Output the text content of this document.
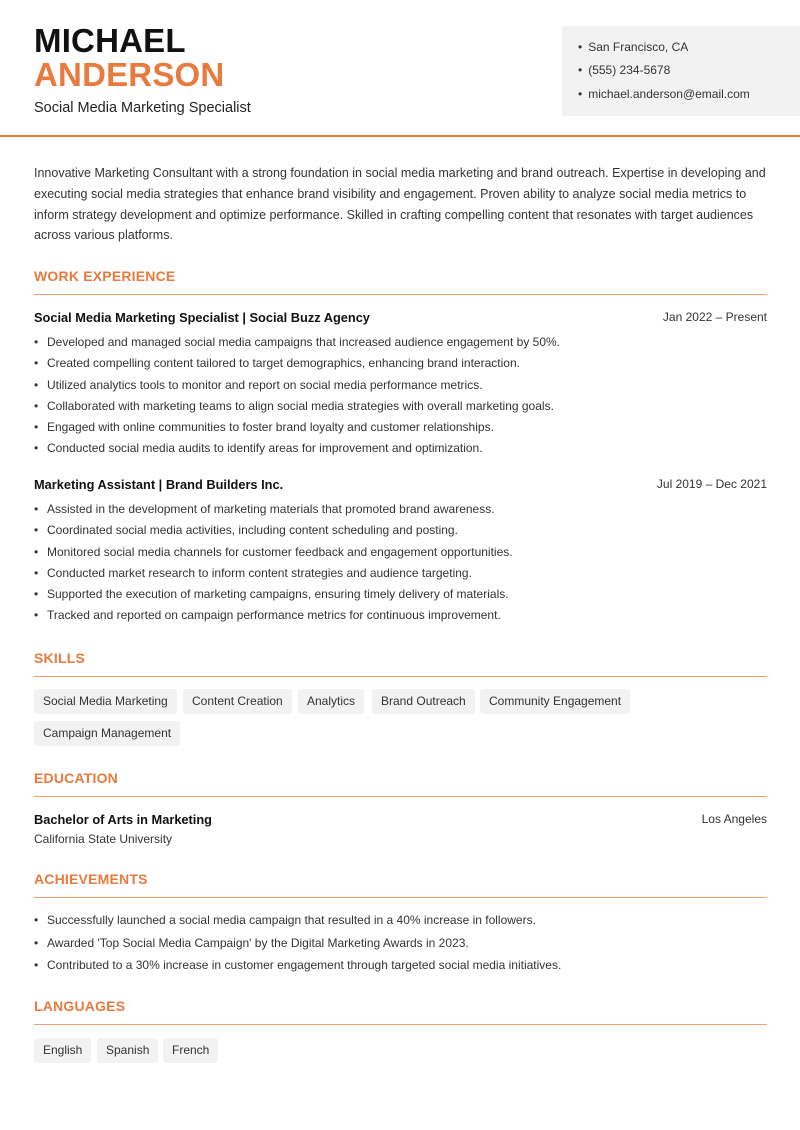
MICHAEL
ANDERSON
Social Media Marketing Specialist
• San Francisco, CA
• (555) 234-5678
• michael.anderson@email.com
Innovative Marketing Consultant with a strong foundation in social media marketing and brand outreach. Expertise in developing and executing social media strategies that enhance brand visibility and engagement. Proven ability to analyze social media metrics to inform strategy development and optimize performance. Skilled in crafting compelling content that resonates with target audiences across various platforms.
WORK EXPERIENCE
Social Media Marketing Specialist | Social Buzz Agency	Jan 2022 – Present
• Developed and managed social media campaigns that increased audience engagement by 50%.
• Created compelling content tailored to target demographics, enhancing brand interaction.
• Utilized analytics tools to monitor and report on social media performance metrics.
• Collaborated with marketing teams to align social media strategies with overall marketing goals.
• Engaged with online communities to foster brand loyalty and customer relationships.
• Conducted social media audits to identify areas for improvement and optimization.
Marketing Assistant | Brand Builders Inc.	Jul 2019 – Dec 2021
• Assisted in the development of marketing materials that promoted brand awareness.
• Coordinated social media activities, including content scheduling and posting.
• Monitored social media channels for customer feedback and engagement opportunities.
• Conducted market research to inform content strategies and audience targeting.
• Supported the execution of marketing campaigns, ensuring timely delivery of materials.
• Tracked and reported on campaign performance metrics for continuous improvement.
SKILLS
Social Media Marketing	Content Creation	Analytics	Brand Outreach	Community Engagement
Campaign Management
EDUCATION
Bachelor of Arts in Marketing	Los Angeles
California State University
ACHIEVEMENTS
• Successfully launched a social media campaign that resulted in a 40% increase in followers.
• Awarded 'Top Social Media Campaign' by the Digital Marketing Awards in 2023.
• Contributed to a 30% increase in customer engagement through targeted social media initiatives.
LANGUAGES
English	Spanish	French
